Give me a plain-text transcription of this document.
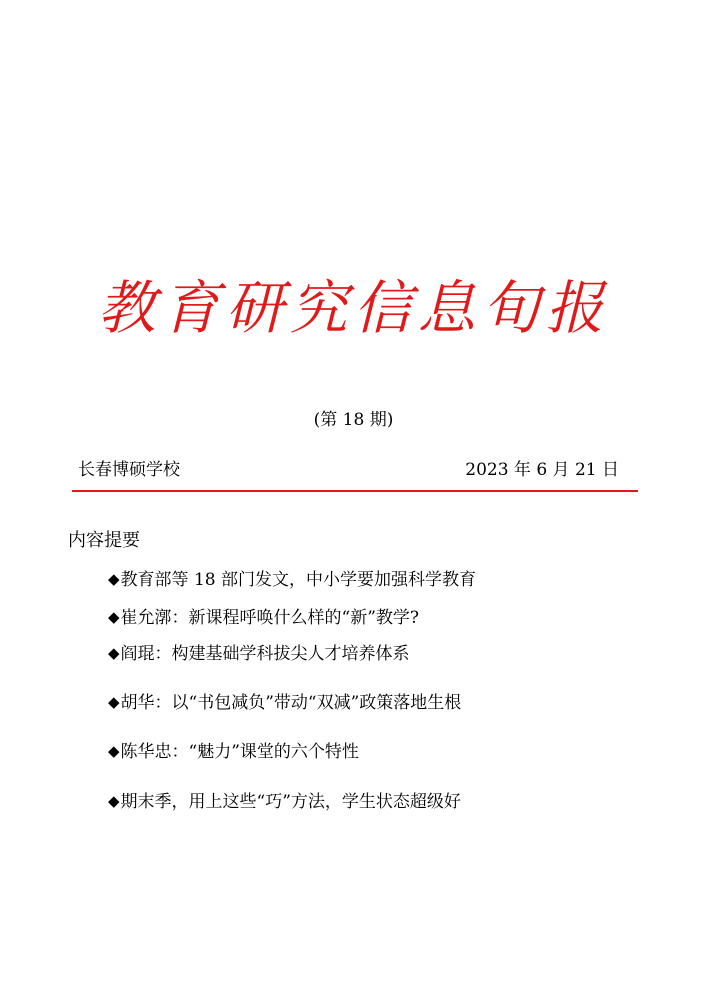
教育研究信息旬报
(第 18 期)
长春博硕学校	2023 年 6 月 21 日
内容提要
◆教育部等 18 部门发文，中小学要加强科学教育
◆崔允漷：新课程呼唤什么样的“新”教学?
◆阎琨：构建基础学科拔尖人才培养体系
◆胡华：以“书包减负”带动“双减”政策落地生根
◆陈华忠：“魅力”课堂的六个特性
◆期末季，用上这些“巧”方法，学生状态超级好
